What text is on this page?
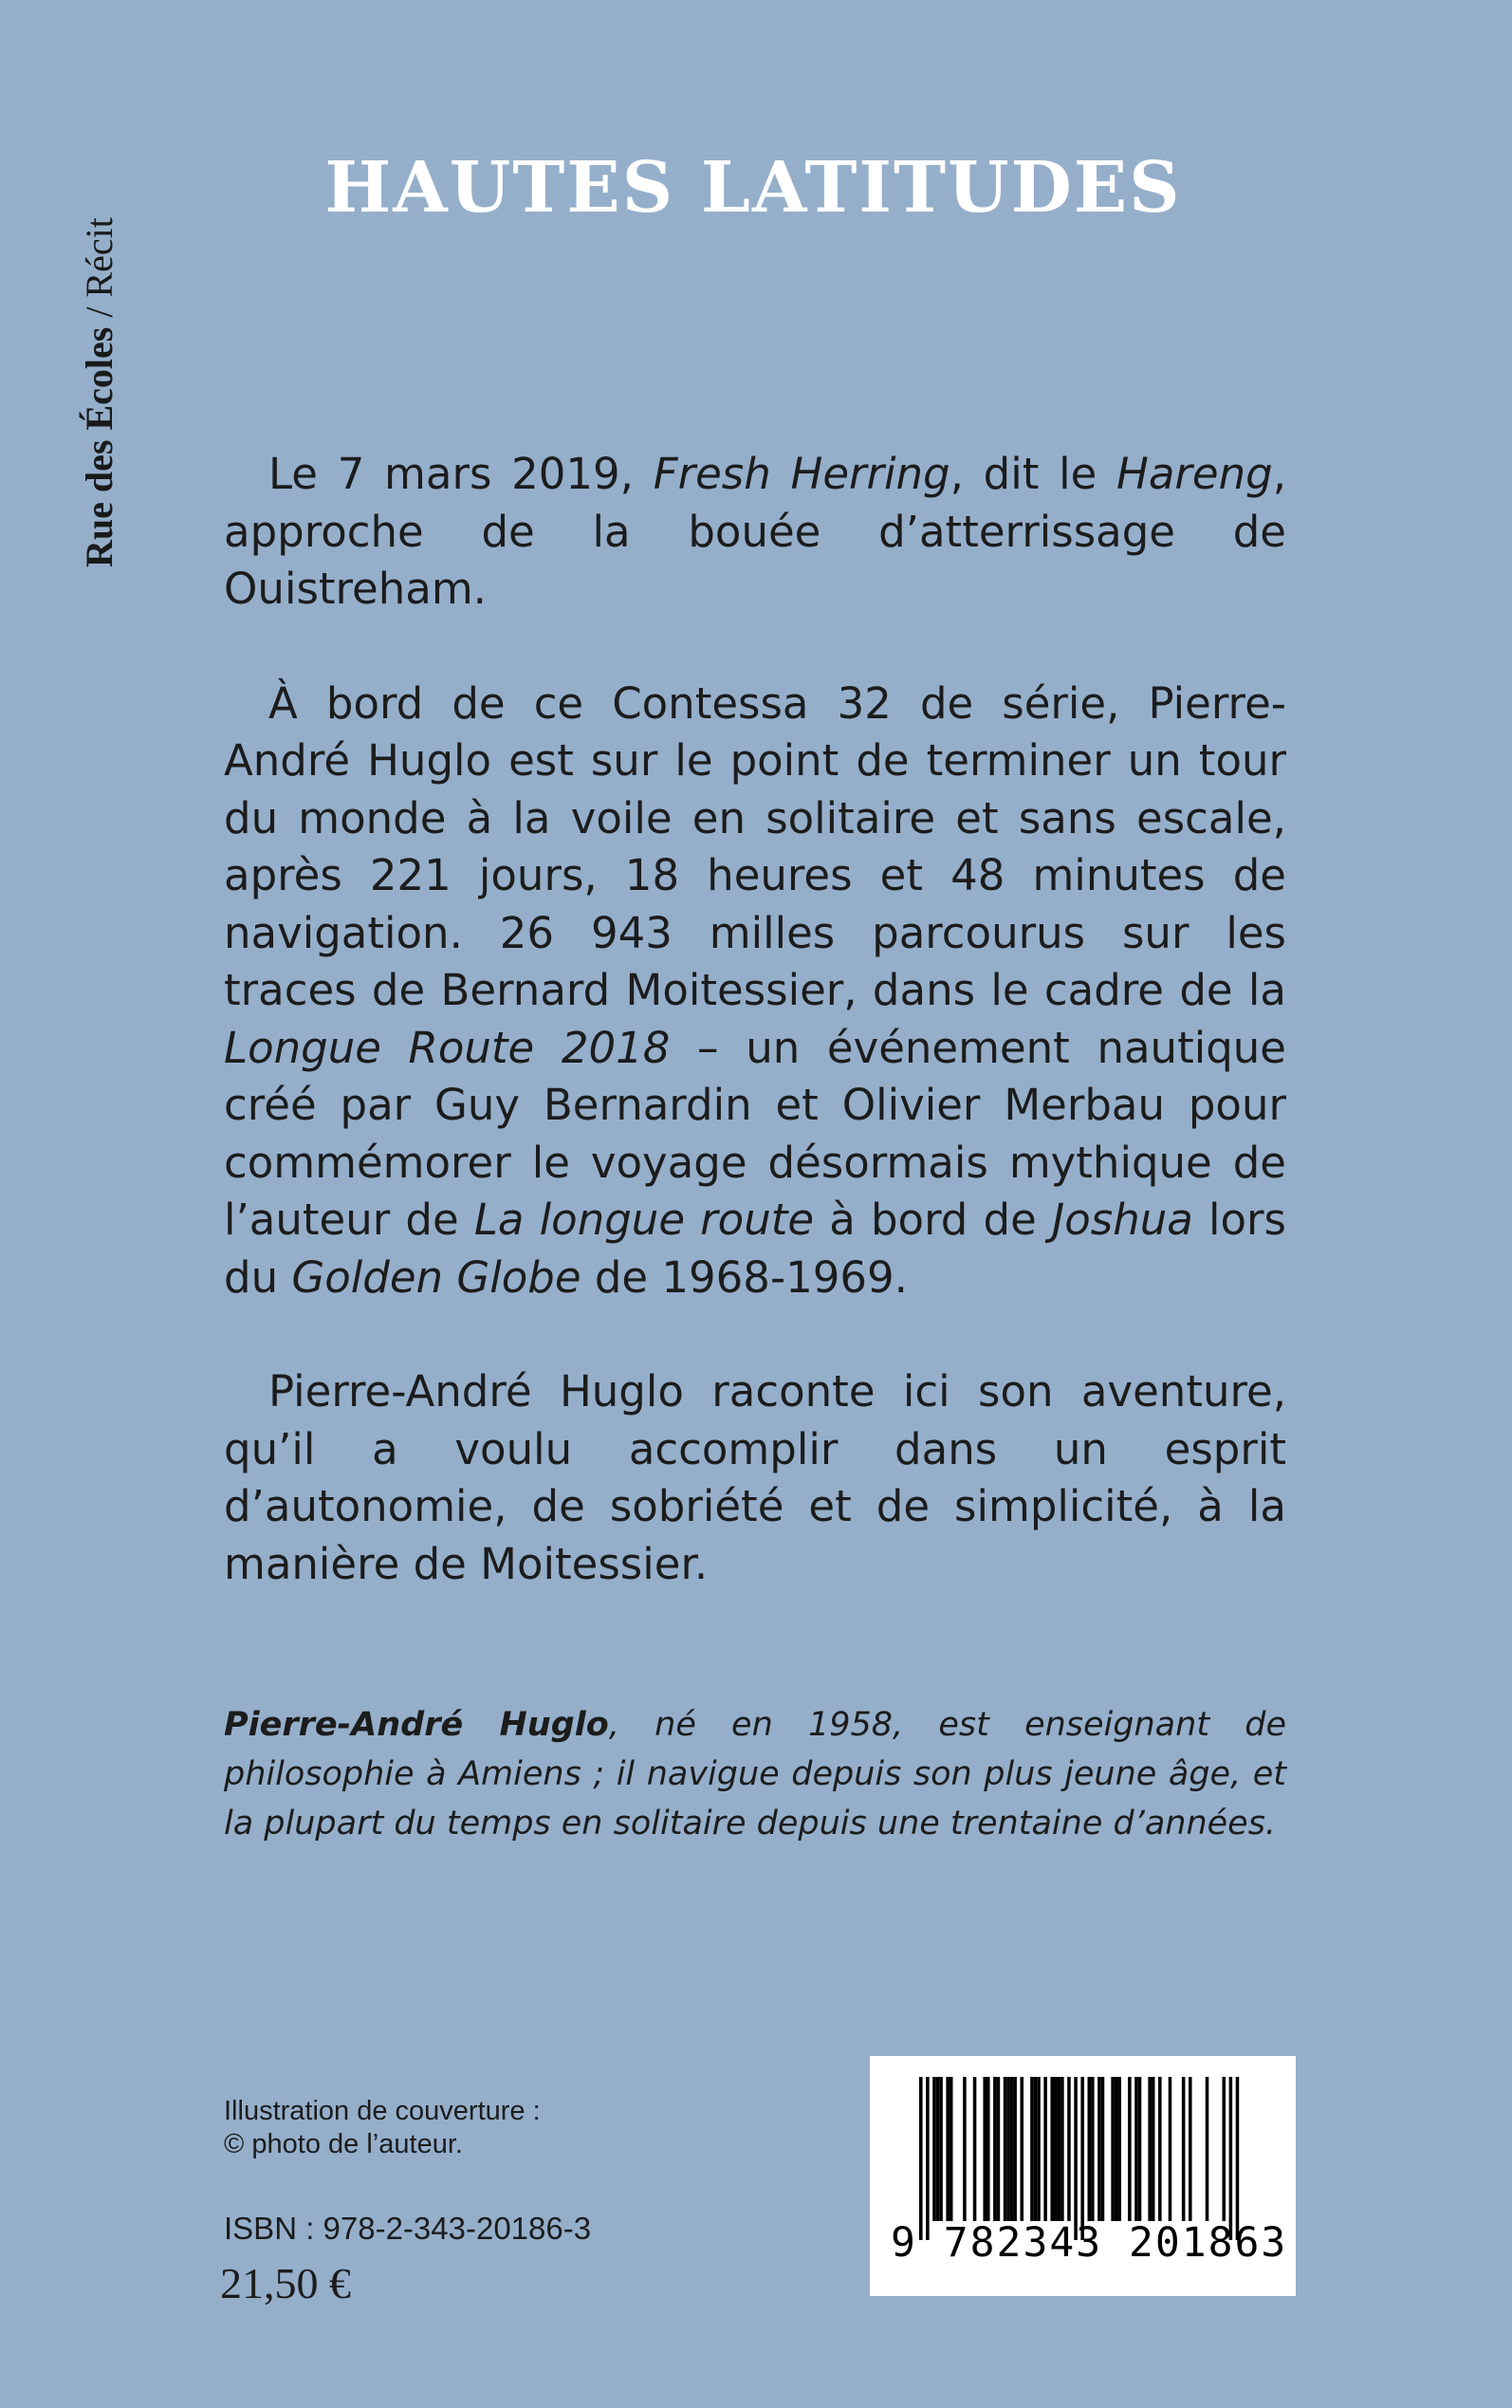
Rue des Écoles / Récit
HAUTES LATITUDES

Le 7 mars 2019, Fresh Herring, dit le Hareng, approche de la bouée d’atterrissage de Ouistreham.

À bord de ce Contessa 32 de série, Pierre-André Huglo est sur le point de terminer un tour du monde à la voile en solitaire et sans escale, après 221 jours, 18 heures et 48 minutes de navigation. 26 943 milles parcourus sur les traces de Bernard Moitessier, dans le cadre de la Longue Route 2018 – un événement nautique créé par Guy Bernardin et Olivier Merbau pour commémorer le voyage désormais mythique de l’auteur de La longue route à bord de Joshua lors du Golden Globe de 1968-1969.

Pierre-André Huglo raconte ici son aventure, qu’il a voulu accomplir dans un esprit d’autonomie, de sobriété et de simplicité, à la manière de Moitessier.

Pierre-André Huglo, né en 1958, est enseignant de philosophie à Amiens ; il navigue depuis son plus jeune âge, et la plupart du temps en solitaire depuis une trentaine d’années.

Illustration de couverture :
© photo de l’auteur.
ISBN : 978-2-343-20186-3
21,50 €
9 782343 201863
